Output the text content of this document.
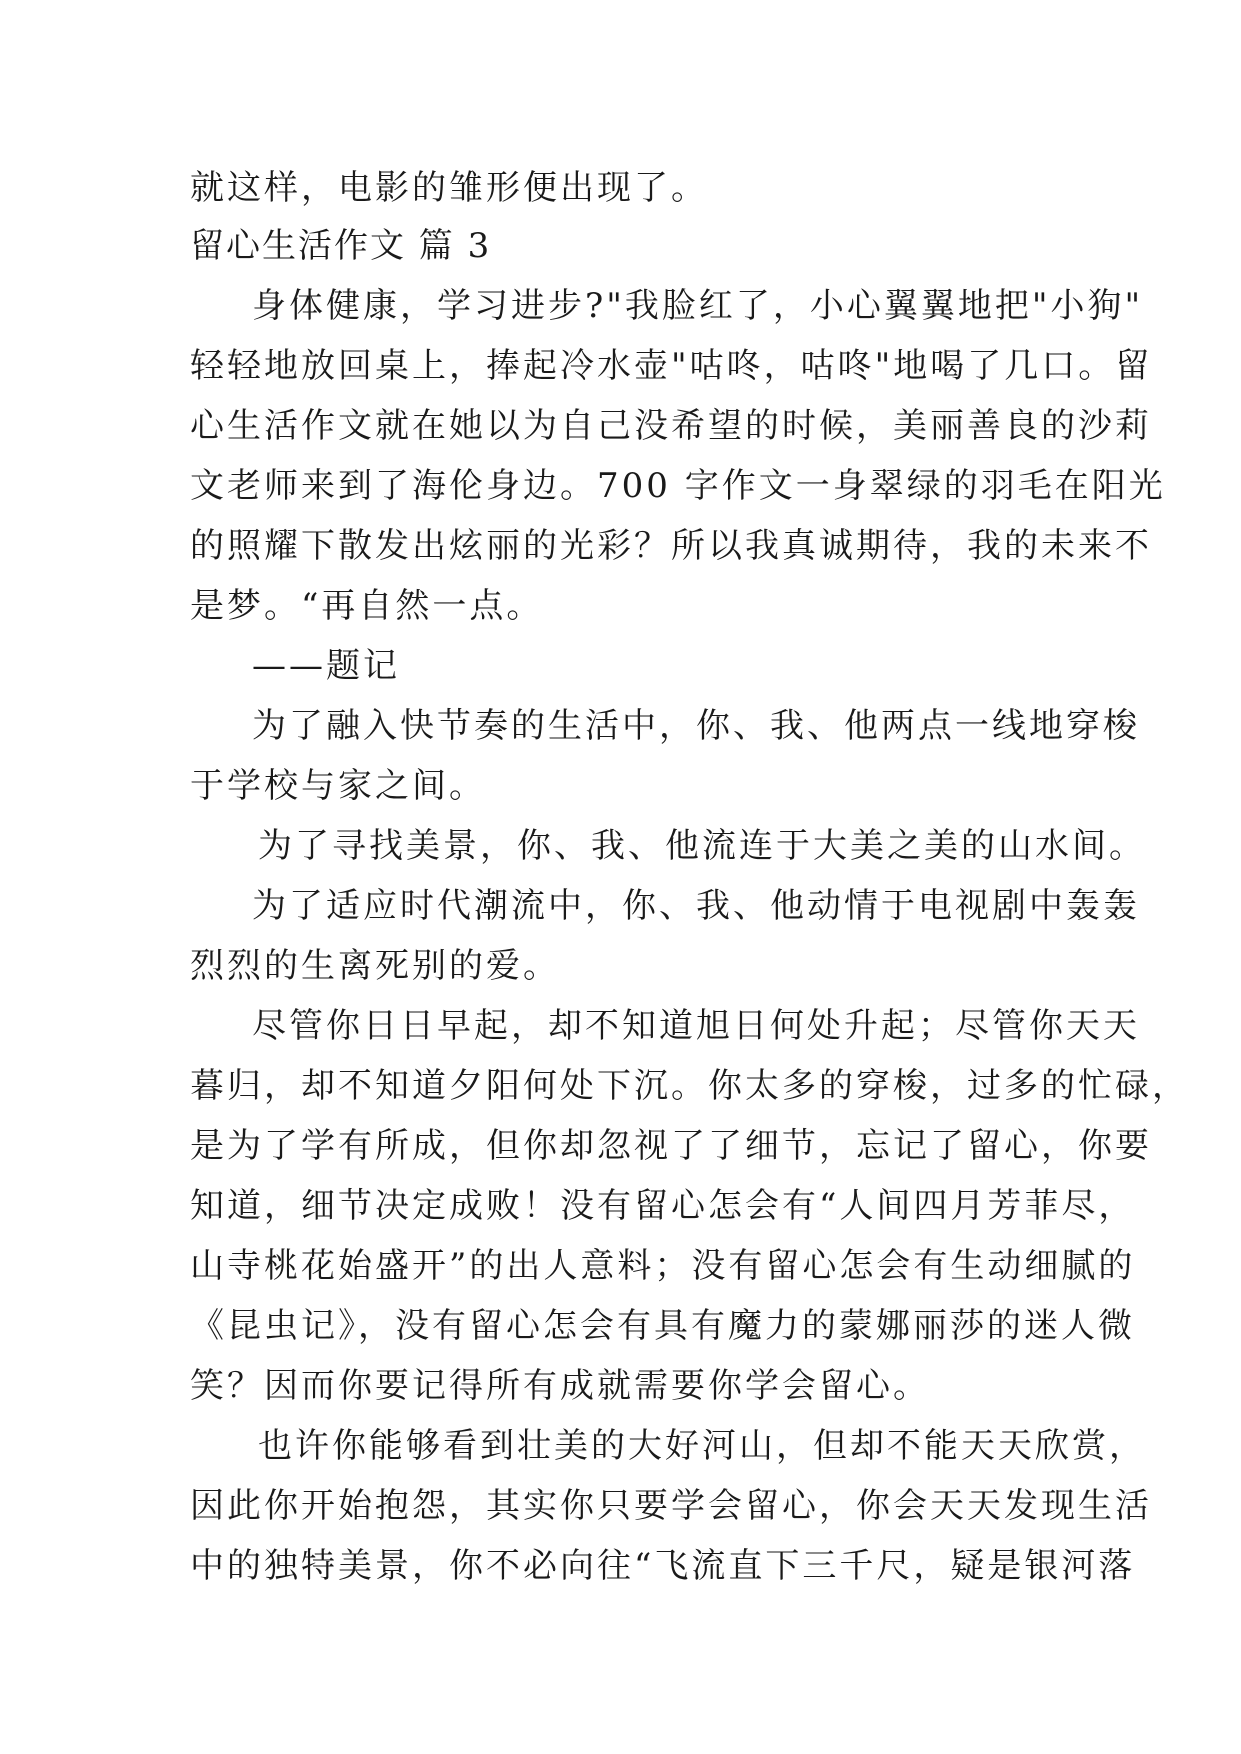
就这样，电影的雏形便出现了。
留心生活作文 篇 3
身体健康，学习进步?"我脸红了，小心翼翼地把"小狗"
轻轻地放回桌上，捧起冷水壶"咕咚，咕咚"地喝了几口。留
心生活作文就在她以为自己没希望的时候，美丽善良的沙莉
文老师来到了海伦身边。700 字作文一身翠绿的羽毛在阳光
的照耀下散发出炫丽的光彩？所以我真诚期待，我的未来不
是梦。“再自然一点。
——题记
为了融入快节奏的生活中，你、我、他两点一线地穿梭
于学校与家之间。
为了寻找美景，你、我、他流连于大美之美的山水间。
为了适应时代潮流中，你、我、他动情于电视剧中轰轰
烈烈的生离死别的爱。
尽管你日日早起，却不知道旭日何处升起；尽管你天天
暮归，却不知道夕阳何处下沉。你太多的穿梭，过多的忙碌，
是为了学有所成，但你却忽视了了细节，忘记了留心，你要
知道，细节决定成败！没有留心怎会有“人间四月芳菲尽，
山寺桃花始盛开”的出人意料；没有留心怎会有生动细腻的
《昆虫记》，没有留心怎会有具有魔力的蒙娜丽莎的迷人微
笑？因而你要记得所有成就需要你学会留心。
也许你能够看到壮美的大好河山，但却不能天天欣赏，
因此你开始抱怨，其实你只要学会留心，你会天天发现生活
中的独特美景，你不必向往“飞流直下三千尺，疑是银河落
